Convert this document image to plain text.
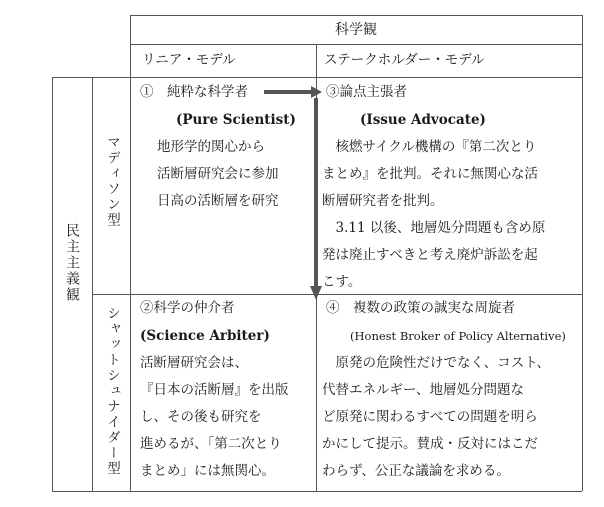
科学観
リニア・モデル	ステークホルダー・モデル
民主主義観
マディソン型
シャットシュナイダー型
①　純粋な科学者
(Pure Scientist)
地形学的関心から
活断層研究会に参加
日高の活断層を研究
③論点主張者
(Issue Advocate)
　核燃サイクル機構の『第二次とり
まとめ』を批判。それに無関心な活
断層研究者を批判。
　3.11 以後、地層処分問題も含め原
発は廃止すべきと考え廃炉訴訟を起
こす。
②科学の仲介者
(Science Arbiter)
活断層研究会は、
『日本の活断層』を出版
し、その後も研究を
進めるが、「第二次とり
まとめ」には無関心。
④　複数の政策の誠実な周旋者
(Honest Broker of Policy Alternative)
　原発の危険性だけでなく、コスト、
代替エネルギー、地層処分問題な
ど原発に関わるすべての問題を明ら
かにして提示。賛成・反対にはこだ
わらず、公正な議論を求める。
